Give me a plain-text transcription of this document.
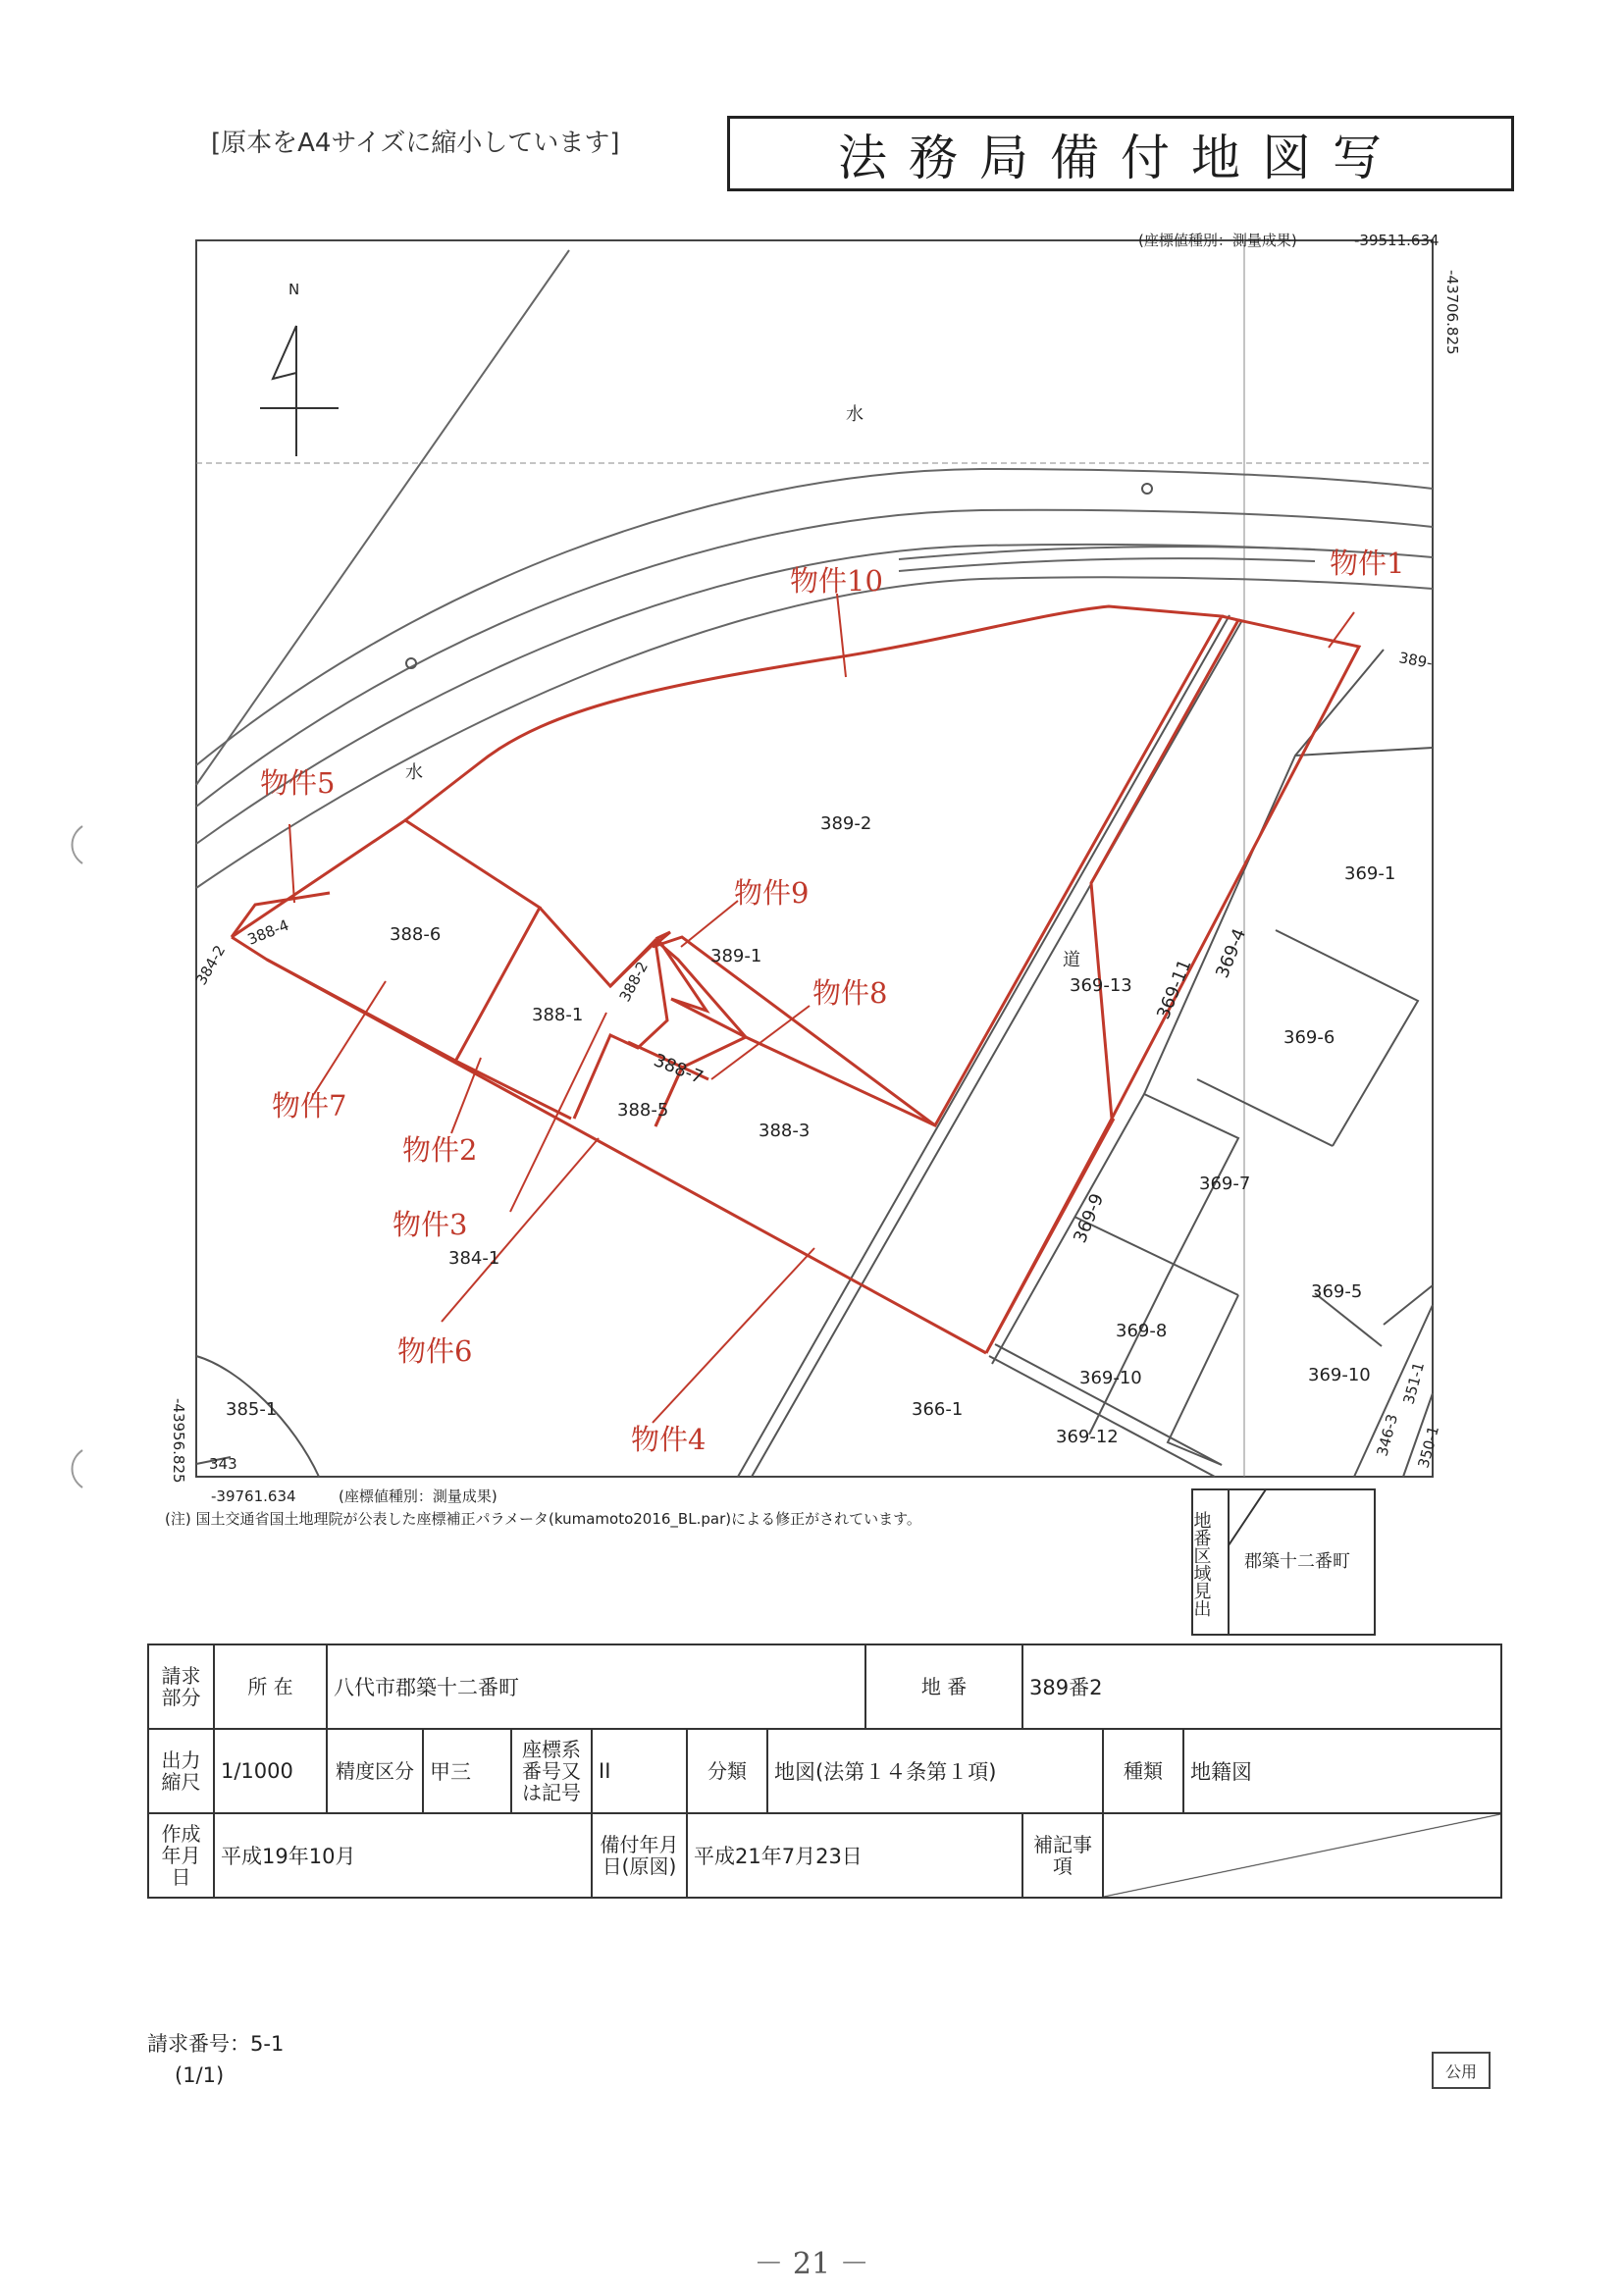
[原本をA4サイズに縮小しています]	法務局備付地図写
N
-39511.634
(座標値種別：測量成果)
-43706.825
-39761.634	(座標値種別：測量成果)
-43956.825
(注) 国土交通省国土地理院が公表した座標補正パラメータ(kumamoto2016_BL.par)による修正がされています。
水
水
道
389-2
388-6
388-4
384-2
388-1
388-2
389-1
388-7
388-5
388-3
384-1
385-1	366-1
369-13 369-11
369-4
369-1
369-6
369-7
369-9
369-5
369-8
369-10	369-10
369-12
351-1
346-3 350-1
389-
343
物件10
物件1
物件5
物件9
物件8
物件7
物件2
物件3
物件6
物件4
地番区域見出 郡築十二番町
請求部分	所 在	八代市郡築十二番町						地 番	389番2		
出力縮尺	1/1000	精度区分	甲三	座標系番号又は記号	II	分類	地図(法第１４条第１項)			種類	地籍図
作成年月日	平成19年10月				備付年月日(原図)	平成21年7月23日			補記事項		
請求番号：5-1
(1/1)	公用
－ 21 －
